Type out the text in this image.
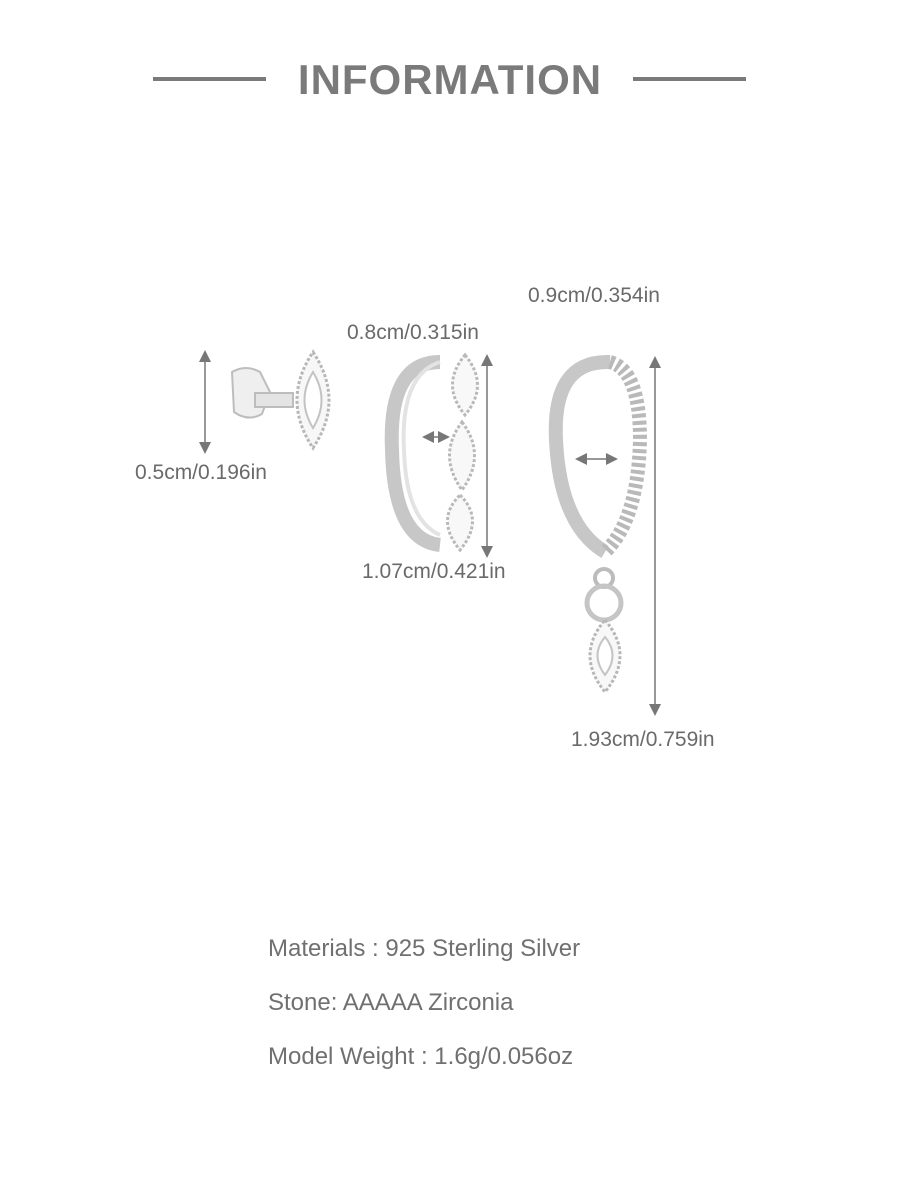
INFORMATION
0.5cm/0.196in
0.8cm/0.315in
1.07cm/0.421in
0.9cm/0.354in
1.93cm/0.759in
Materials : 925 Sterling Silver
Stone: AAAAA Zirconia
Model Weight : 1.6g/0.056oz
